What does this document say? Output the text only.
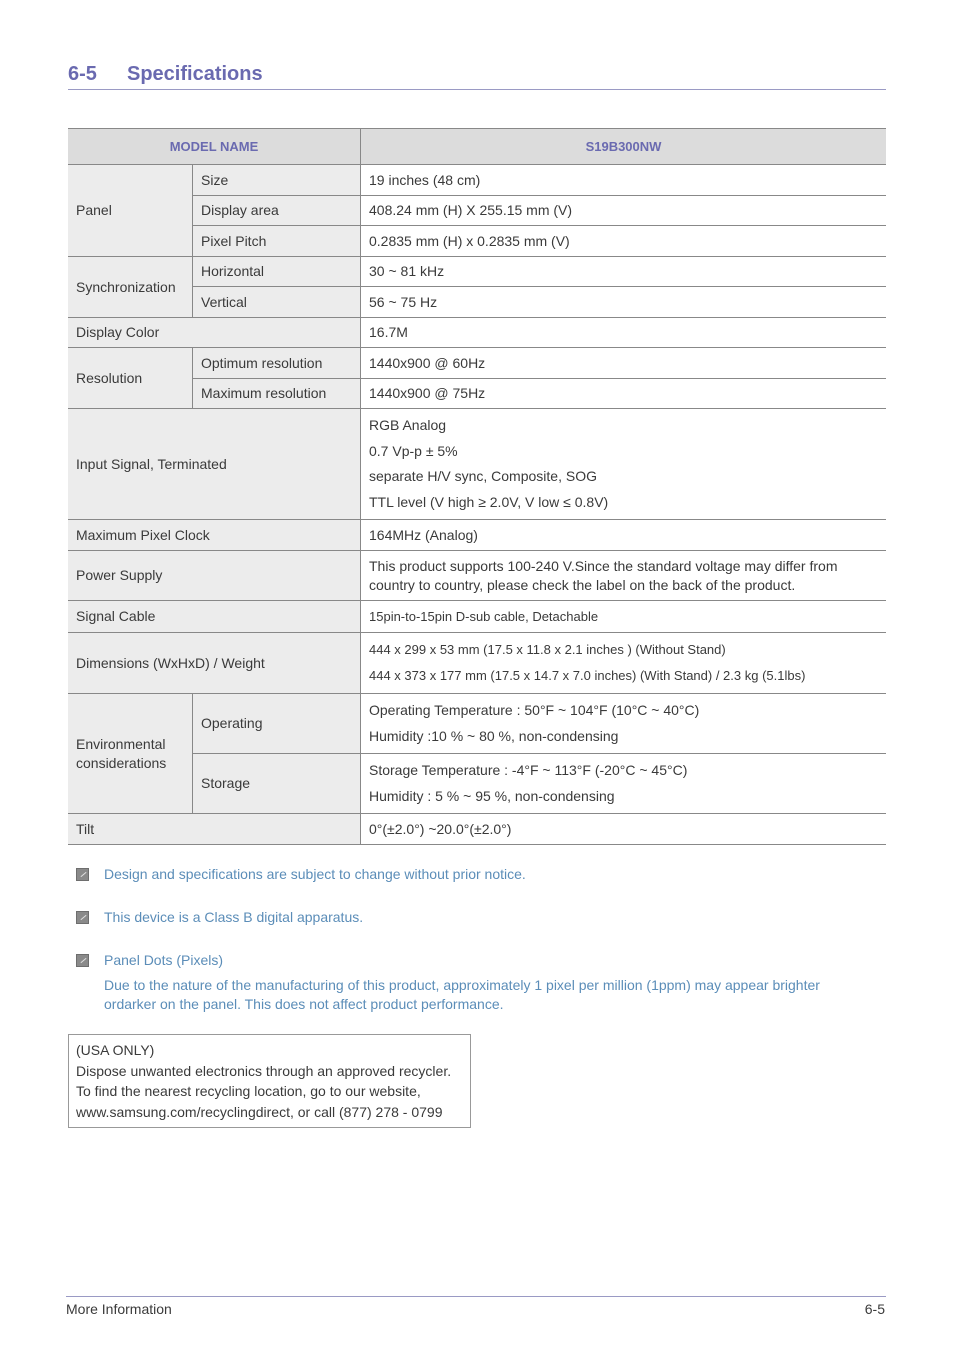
6-5 Specifications
MODEL NAME		S19B300NW
Panel	Size	19 inches (48 cm)
	Display area	408.24 mm (H) X 255.15 mm (V)
	Pixel Pitch	0.2835 mm (H) x 0.2835 mm (V)
Synchronization	Horizontal	30 ~ 81 kHz
	Vertical	56 ~ 75 Hz
Display Color		16.7M
Resolution	Optimum resolution	1440x900 @ 60Hz
	Maximum resolution	1440x900 @ 75Hz
Input Signal, Terminated		RGB Analog
0.7 Vp-p ± 5%
separate H/V sync, Composite, SOG
TTL level (V high ≥ 2.0V, V low ≤ 0.8V)

Maximum Pixel Clock		164MHz (Analog)
Power Supply		This product supports 100-240 V.Since the standard voltage may differ from country to country, please check the label on the back of the product.
Signal Cable		15pin-to-15pin D-sub cable, Detachable
Dimensions (WxHxD) / Weight		444 x 299 x 53 mm (17.5 x 11.8 x 2.1 inches ) (Without Stand)
444 x 373 x 177 mm (17.5 x 14.7 x 7.0 inches) (With Stand) / 2.3 kg (5.1lbs)

Environmental considerations	Operating	Operating Temperature : 50°F ~ 104°F (10°C ~ 40°C)
Humidity :10 % ~ 80 %, non-condensing

	Storage	Storage Temperature : -4°F ~ 113°F (-20°C ~ 45°C)
Humidity : 5 % ~ 95 %, non-condensing

Tilt		0°(±2.0°) ~20.0°(±2.0°)
Design and specifications are subject to change without prior notice.
This device is a Class B digital apparatus.
Panel Dots (Pixels)
Due to the nature of the manufacturing of this product, approximately 1 pixel per million (1ppm) may appear brighter ordarker on the panel. This does not affect product performance.
(USA ONLY)
Dispose unwanted electronics through an approved recycler.
To find the nearest recycling location, go to our website,
www.samsung.com/recyclingdirect, or call (877) 278 - 0799
More Information	6-5
